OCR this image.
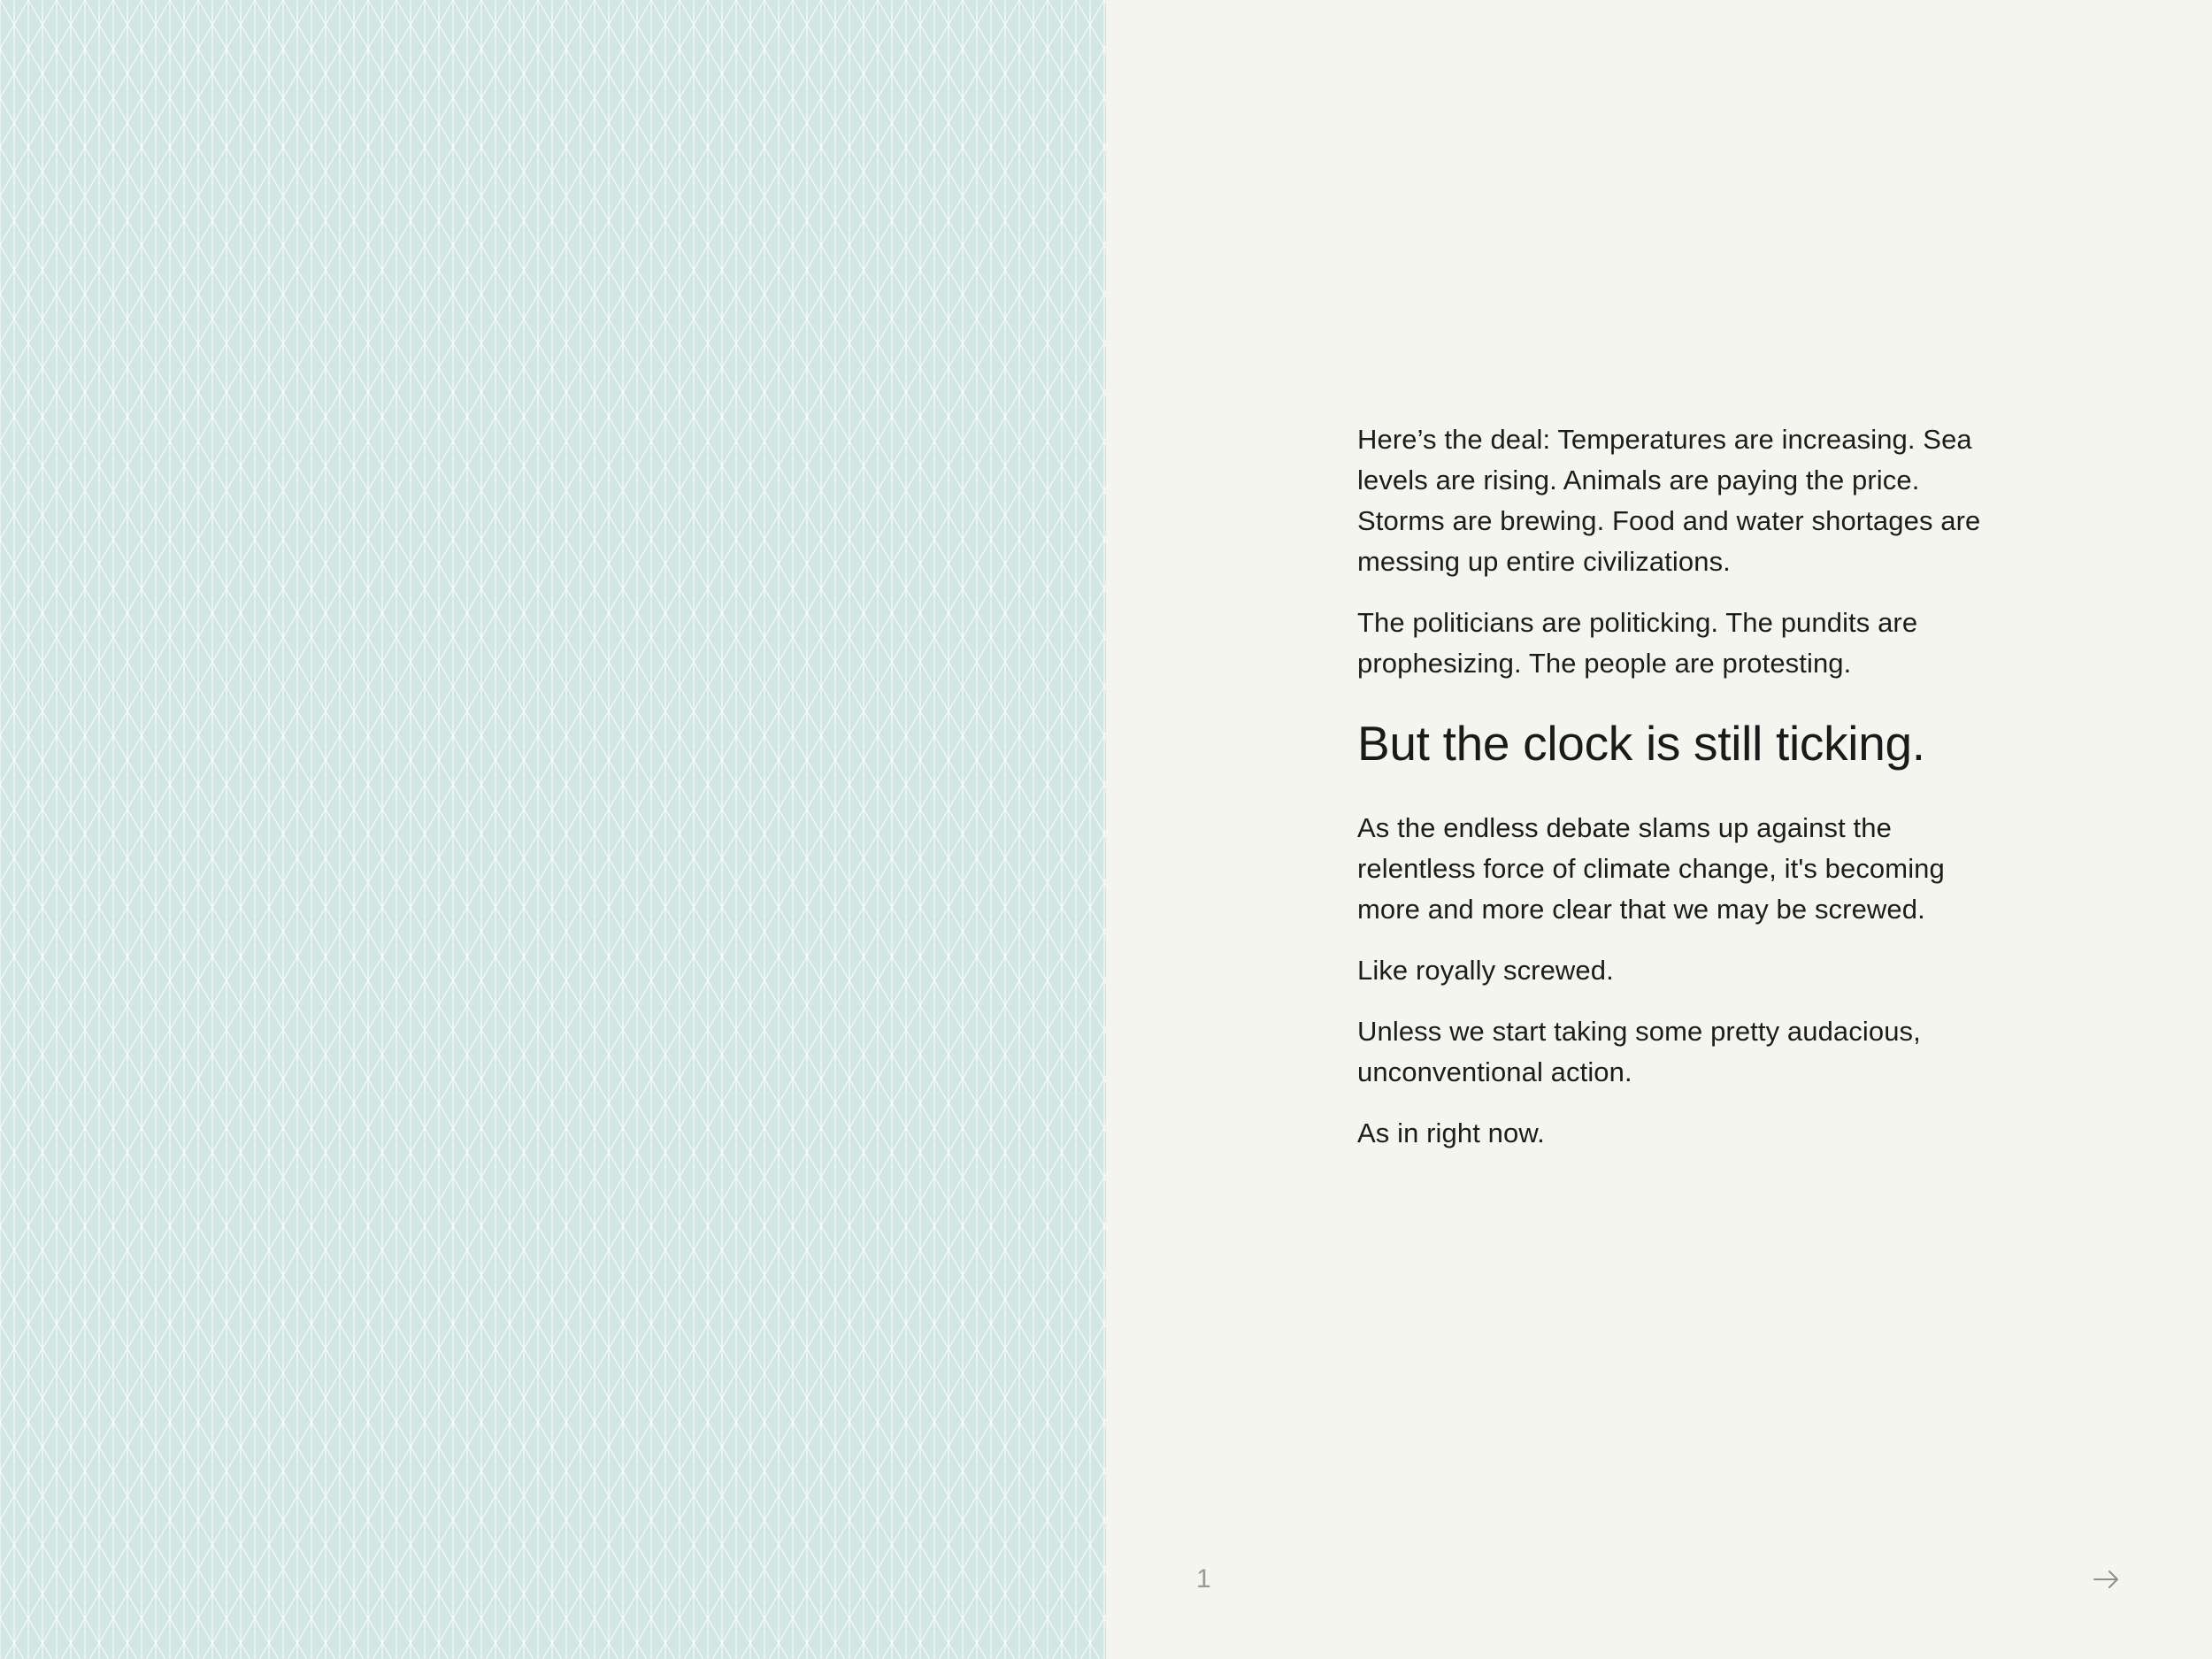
Here’s the deal: Temperatures are increasing. Sea levels are rising. Animals are paying the price. Storms are brewing. Food and water shortages are messing up entire civilizations.

The politicians are politicking. The pundits are prophesizing. The people are protesting.

But the clock is still ticking.

As the endless debate slams up against the relentless force of climate change, it's becoming more and more clear that we may be screwed.

Like royally screwed.

Unless we start taking some pretty audacious, unconventional action.

As in right now.

1
